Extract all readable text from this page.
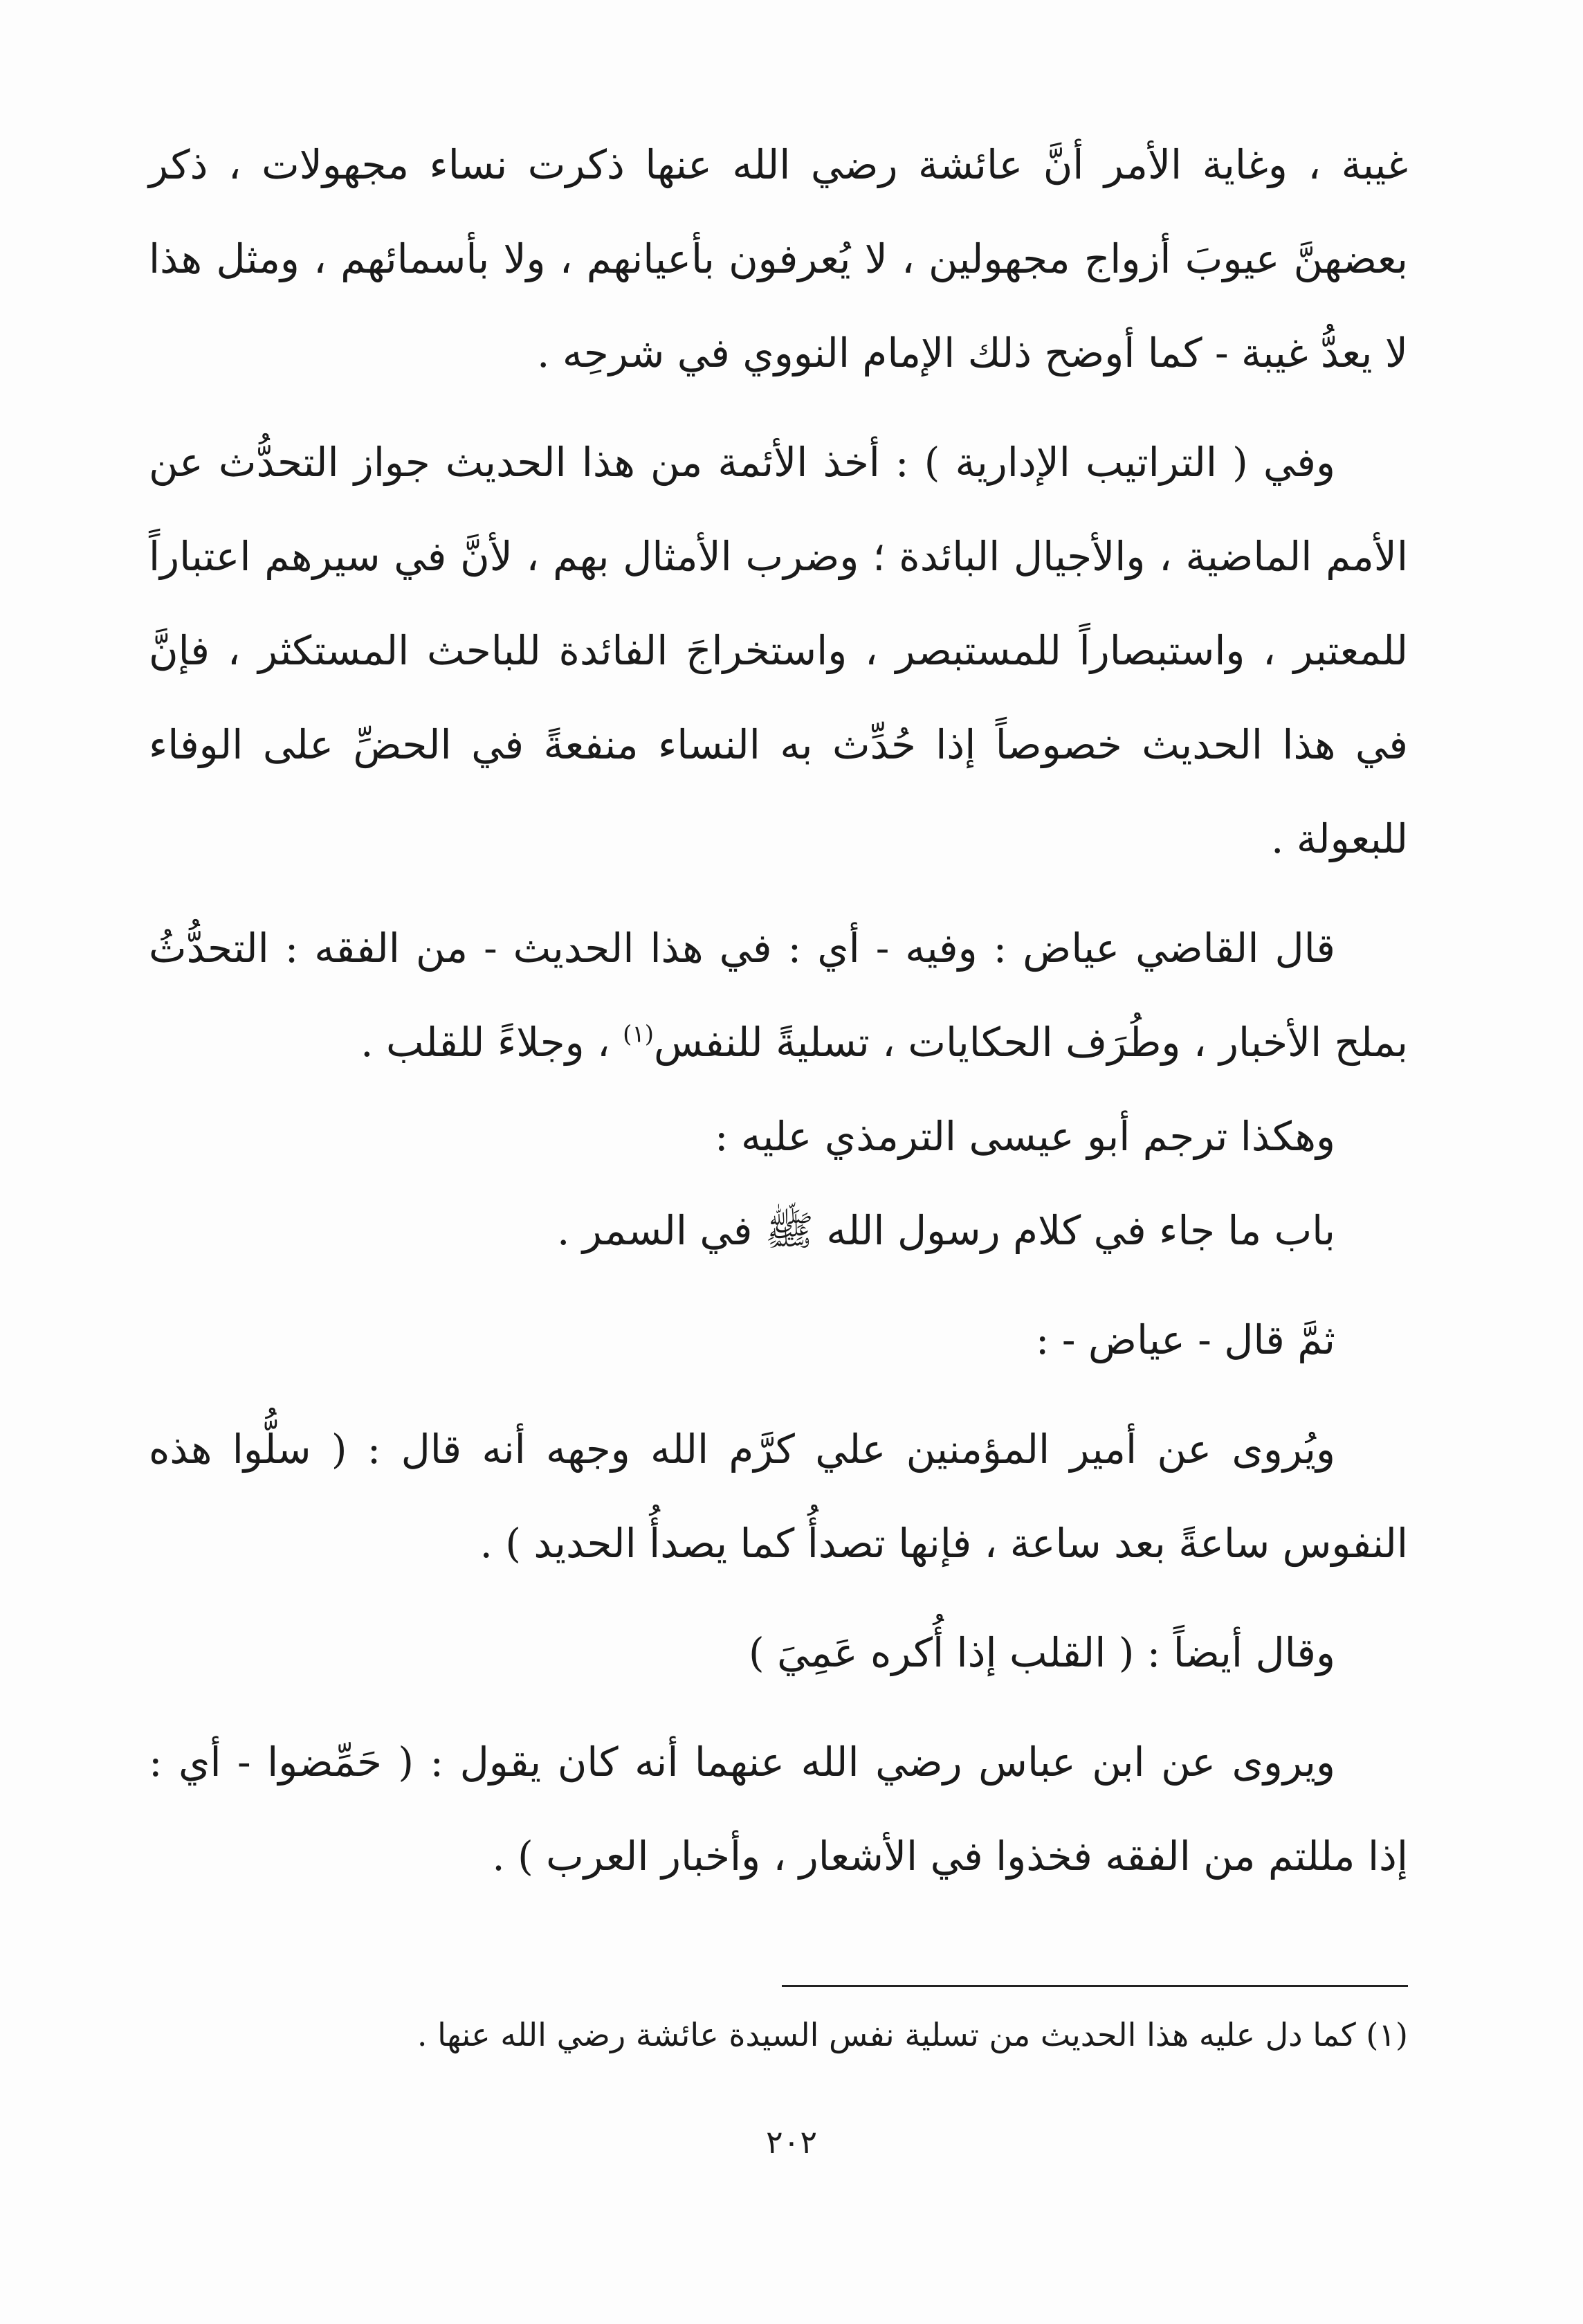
غيبة ، وغاية الأمر أنَّ عائشة رضي الله عنها ذكرت نساء مجهولات ، ذكر بعضهنَّ عيوبَ أزواج مجهولين ، لا يُعرفون بأعيانهم ، ولا بأسمائهم ، ومثل هذا لا يعدُّ غيبة - كما أوضح ذلك الإمام النووي في شرحِه .

وفي ( التراتيب الإدارية ) : أخذ الأئمة من هذا الحديث جواز التحدُّث عن الأمم الماضية ، والأجيال البائدة ؛ وضرب الأمثال بهم ، لأنَّ في سيرهم اعتباراً للمعتبر ، واستبصاراً للمستبصر ، واستخراجَ الفائدة للباحث المستكثر ، فإنَّ في هذا الحديث خصوصاً إذا حُدِّث به النساء منفعةً في الحضِّ على الوفاء للبعولة .

قال القاضي عياض : وفيه - أي : في هذا الحديث - من الفقه : التحدُّثُ بملح الأخبار ، وطُرَف الحكايات ، تسليةً للنفس$^{(١)}$ ، وجلاءً للقلب .

وهكذا ترجم أبو عيسى الترمذي عليه :

باب ما جاء في كلام رسول الله ﷺ في السمر .

ثمَّ قال - عياض - :

ويُروى عن أمير المؤمنين علي كرَّم الله وجهه أنه قال : ( سلُّوا هذه النفوس ساعةً بعد ساعة ، فإنها تصدأُ كما يصدأُ الحديد ) .

وقال أيضاً : ( القلب إذا أُكره عَمِيَ )

ويروى عن ابن عباس رضي الله عنهما أنه كان يقول : ( حَمِّضوا - أي : إذا مللتم من الفقه فخذوا في الأشعار ، وأخبار العرب ) .

(١) كما دل عليه هذا الحديث من تسلية نفس السيدة عائشة رضي الله عنها .
٢٠٢
